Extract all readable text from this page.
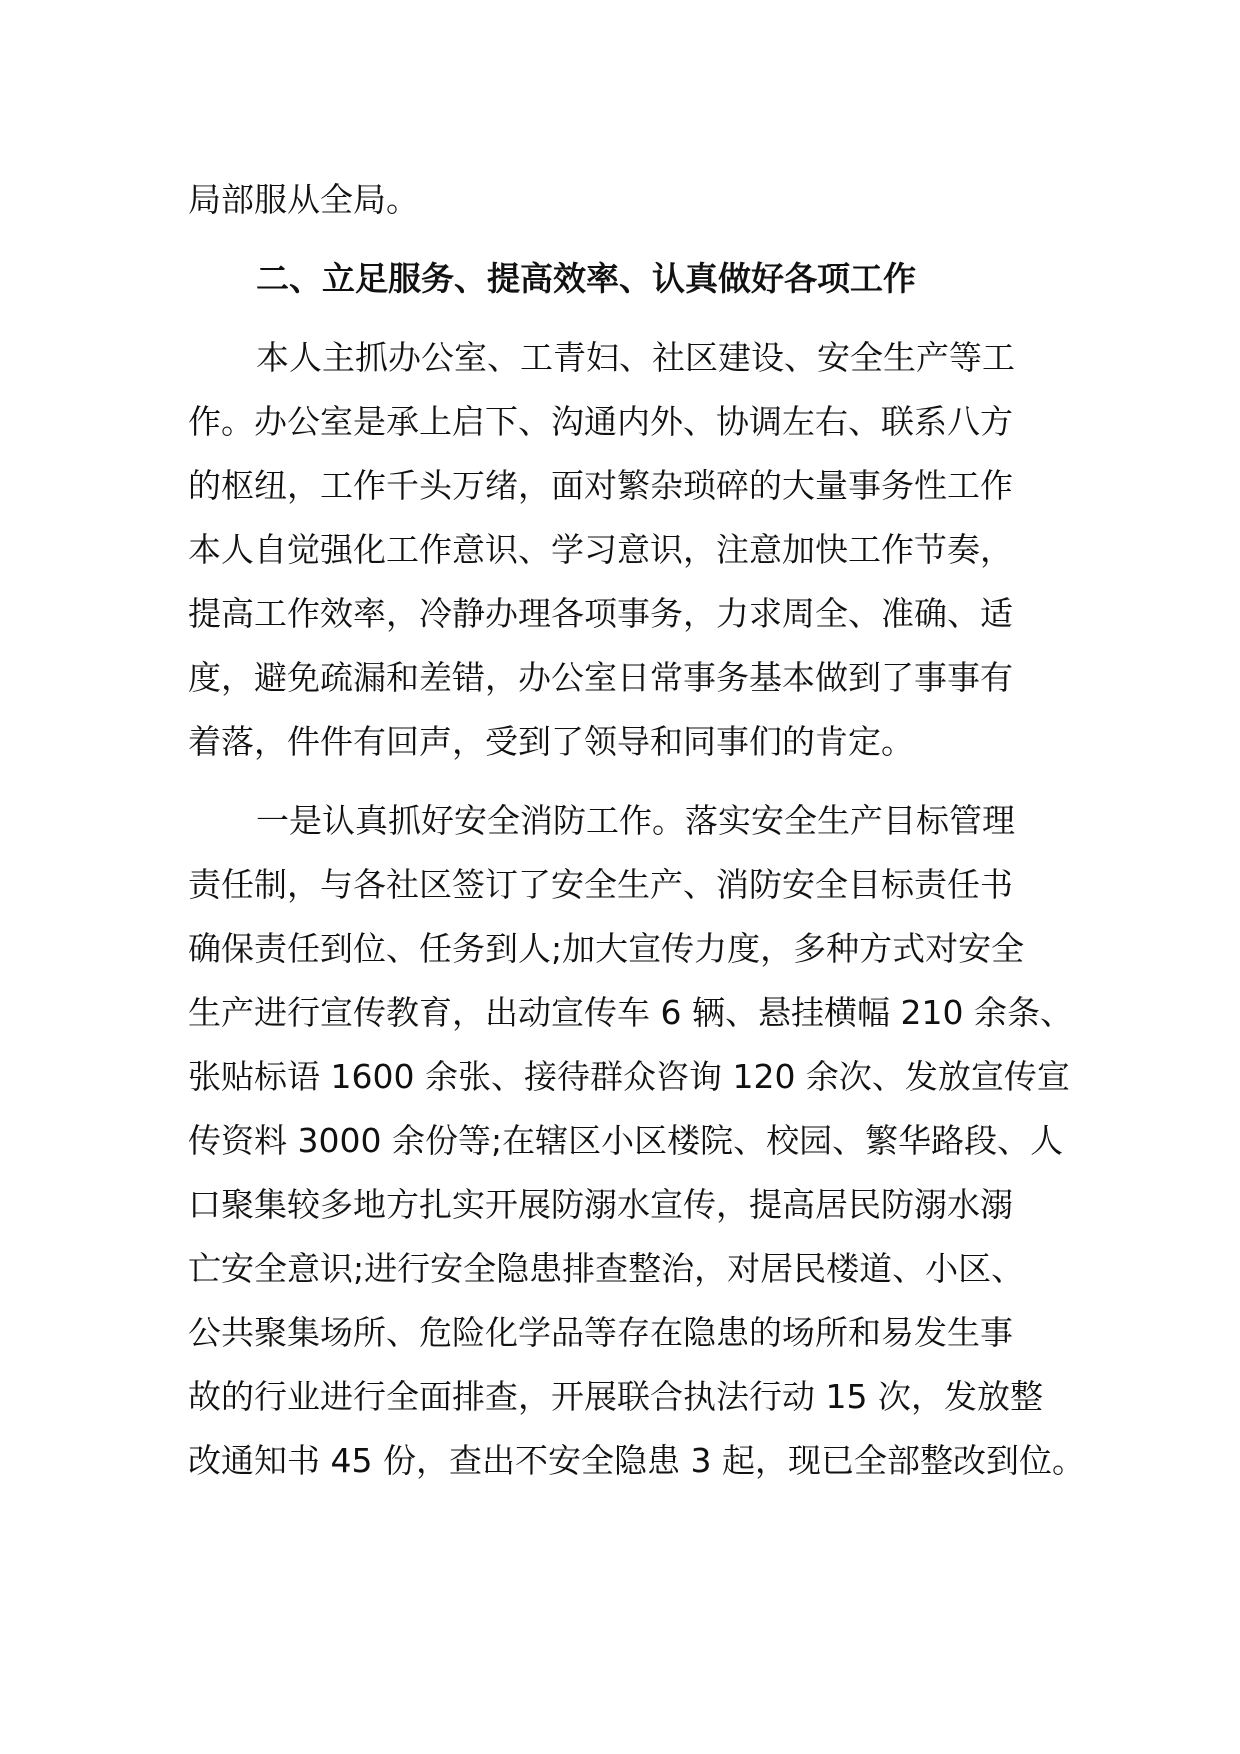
局部服从全局。
二、立足服务、提高效率、认真做好各项工作
本人主抓办公室、工青妇、社区建设、安全生产等工
作。办公室是承上启下、沟通内外、协调左右、联系八方
的枢纽，工作千头万绪，面对繁杂琐碎的大量事务性工作
本人自觉强化工作意识、学习意识，注意加快工作节奏，
提高工作效率，冷静办理各项事务，力求周全、准确、适
度，避免疏漏和差错，办公室日常事务基本做到了事事有
着落，件件有回声，受到了领导和同事们的肯定。
一是认真抓好安全消防工作。落实安全生产目标管理
责任制，与各社区签订了安全生产、消防安全目标责任书
确保责任到位、任务到人;加大宣传力度，多种方式对安全
生产进行宣传教育，出动宣传车 6 辆、悬挂横幅 210 余条、
张贴标语 1600 余张、接待群众咨询 120 余次、发放宣传宣
传资料 3000 余份等;在辖区小区楼院、校园、繁华路段、人
口聚集较多地方扎实开展防溺水宣传，提高居民防溺水溺
亡安全意识;进行安全隐患排查整治，对居民楼道、小区、
公共聚集场所、危险化学品等存在隐患的场所和易发生事
故的行业进行全面排查，开展联合执法行动 15 次，发放整
改通知书 45 份，查出不安全隐患 3 起，现已全部整改到位。
